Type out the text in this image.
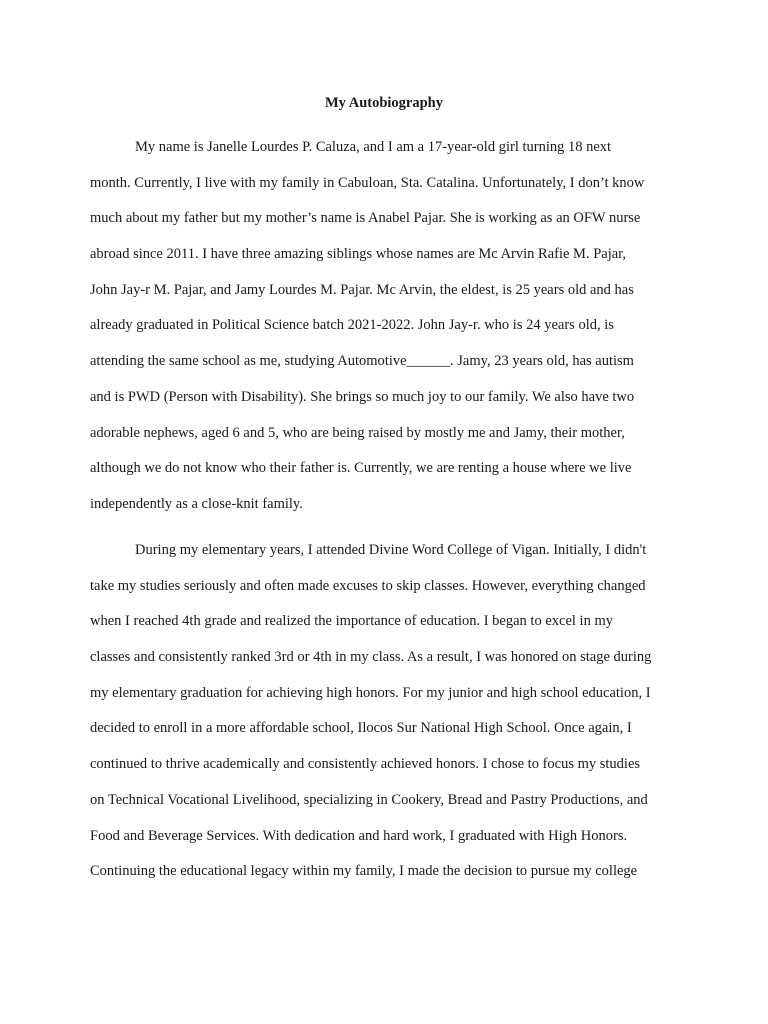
My Autobiography
My name is Janelle Lourdes P. Caluza, and I am a 17-year-old girl turning 18 next
month. Currently, I live with my family in Cabuloan, Sta. Catalina. Unfortunately, I don’t know
much about my father but my mother’s name is Anabel Pajar. She is working as an OFW nurse
abroad since 2011. I have three amazing siblings whose names are Mc Arvin Rafie M. Pajar,
John Jay-r M. Pajar, and Jamy Lourdes M. Pajar. Mc Arvin, the eldest, is 25 years old and has
already graduated in Political Science batch 2021-2022. John Jay-r. who is 24 years old, is
attending the same school as me, studying Automotive______. Jamy, 23 years old, has autism
and is PWD (Person with Disability). She brings so much joy to our family. We also have two
adorable nephews, aged 6 and 5, who are being raised by mostly me and Jamy, their mother,
although we do not know who their father is. Currently, we are renting a house where we live
independently as a close-knit family.
During my elementary years, I attended Divine Word College of Vigan. Initially, I didn't
take my studies seriously and often made excuses to skip classes. However, everything changed
when I reached 4th grade and realized the importance of education. I began to excel in my
classes and consistently ranked 3rd or 4th in my class. As a result, I was honored on stage during
my elementary graduation for achieving high honors. For my junior and high school education, I
decided to enroll in a more affordable school, Ilocos Sur National High School. Once again, I
continued to thrive academically and consistently achieved honors. I chose to focus my studies
on Technical Vocational Livelihood, specializing in Cookery, Bread and Pastry Productions, and
Food and Beverage Services. With dedication and hard work, I graduated with High Honors.
Continuing the educational legacy within my family, I made the decision to pursue my college
